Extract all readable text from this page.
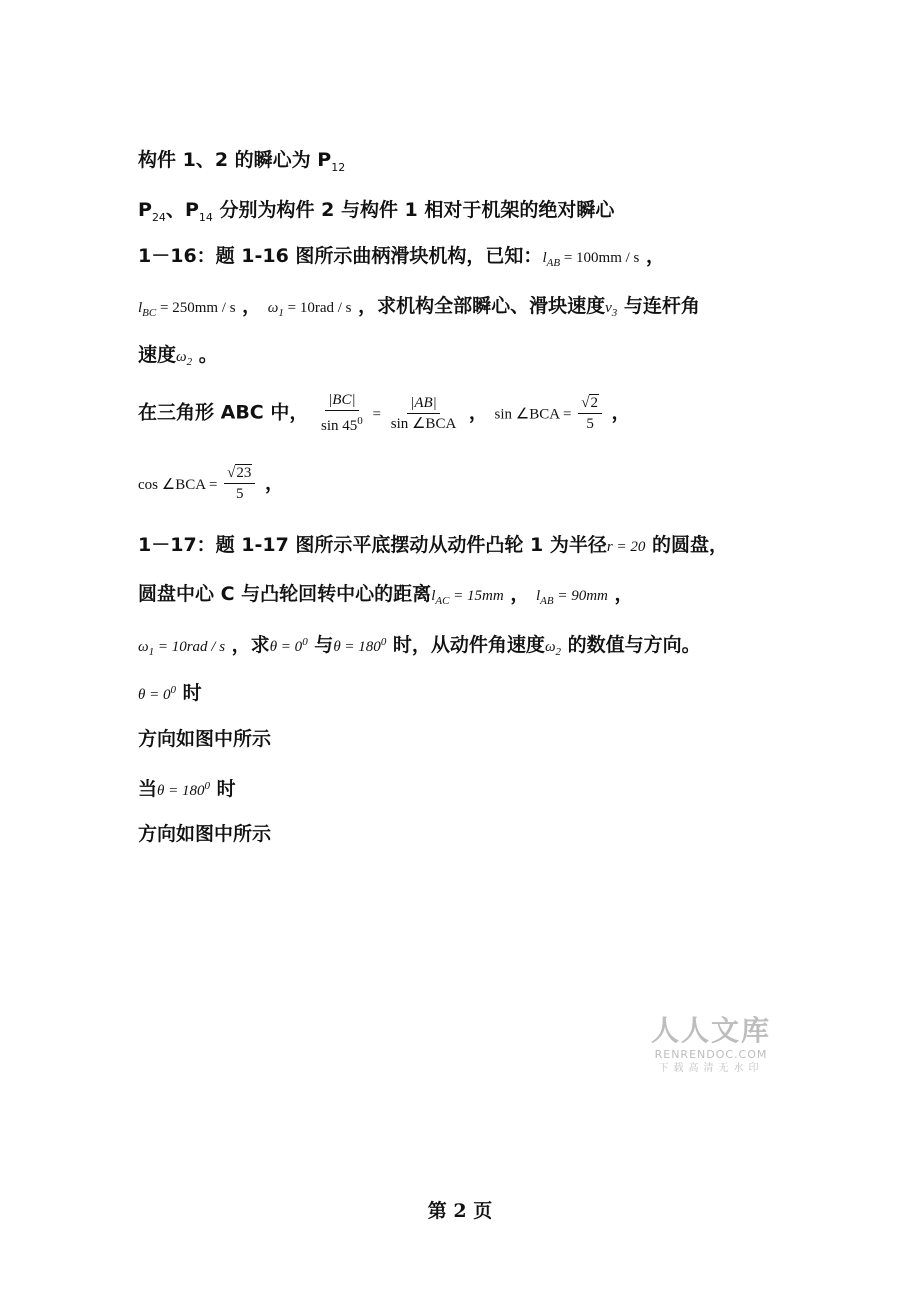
构件 1、2 的瞬心为 $P_{12}$
$P_{24}$、$P_{14}$ 分别为构件 2 与构件 1 相对于机架的绝对瞬心
1－16：题 1-16 图所示曲柄滑块机构，已知：$l_{AB} = 100mm / s$ ，
$l_{BC} = 250mm / s$ ， $\omega_1 = 10rad / s$ ，求机构全部瞬心、滑块速度$v_3$ 与连杆角
速度$\omega_2$ 。
在三角形 ABC 中， $\frac{|BC|}{\sin 45^0} = \frac{|AB|}{\text{sin ∠BCA}}$ ， sin ∠BCA = $\frac{√2}{5}$ ，
cos ∠BCA = $\frac{√23}{5}$ ，
1－17：题 1-17 图所示平底摆动从动件凸轮 1 为半径r = 20 的圆盘，
圆盘中心 C 与凸轮回转中心的距离$l_{AC} = 15mm$ ， $l_{AB} = 90mm$ ，
$\omega_1 = 10rad / s$ ，求$\theta = 0^0$ 与$\theta = 180^0$ 时，从动件角速度$\omega_2$ 的数值与方向。
$\theta = 0^0$ 时
方向如图中所示
当$\theta = 180^0$ 时
方向如图中所示
人人文库
RENRENDOC.COM
下载高清无水印
第 2 页
